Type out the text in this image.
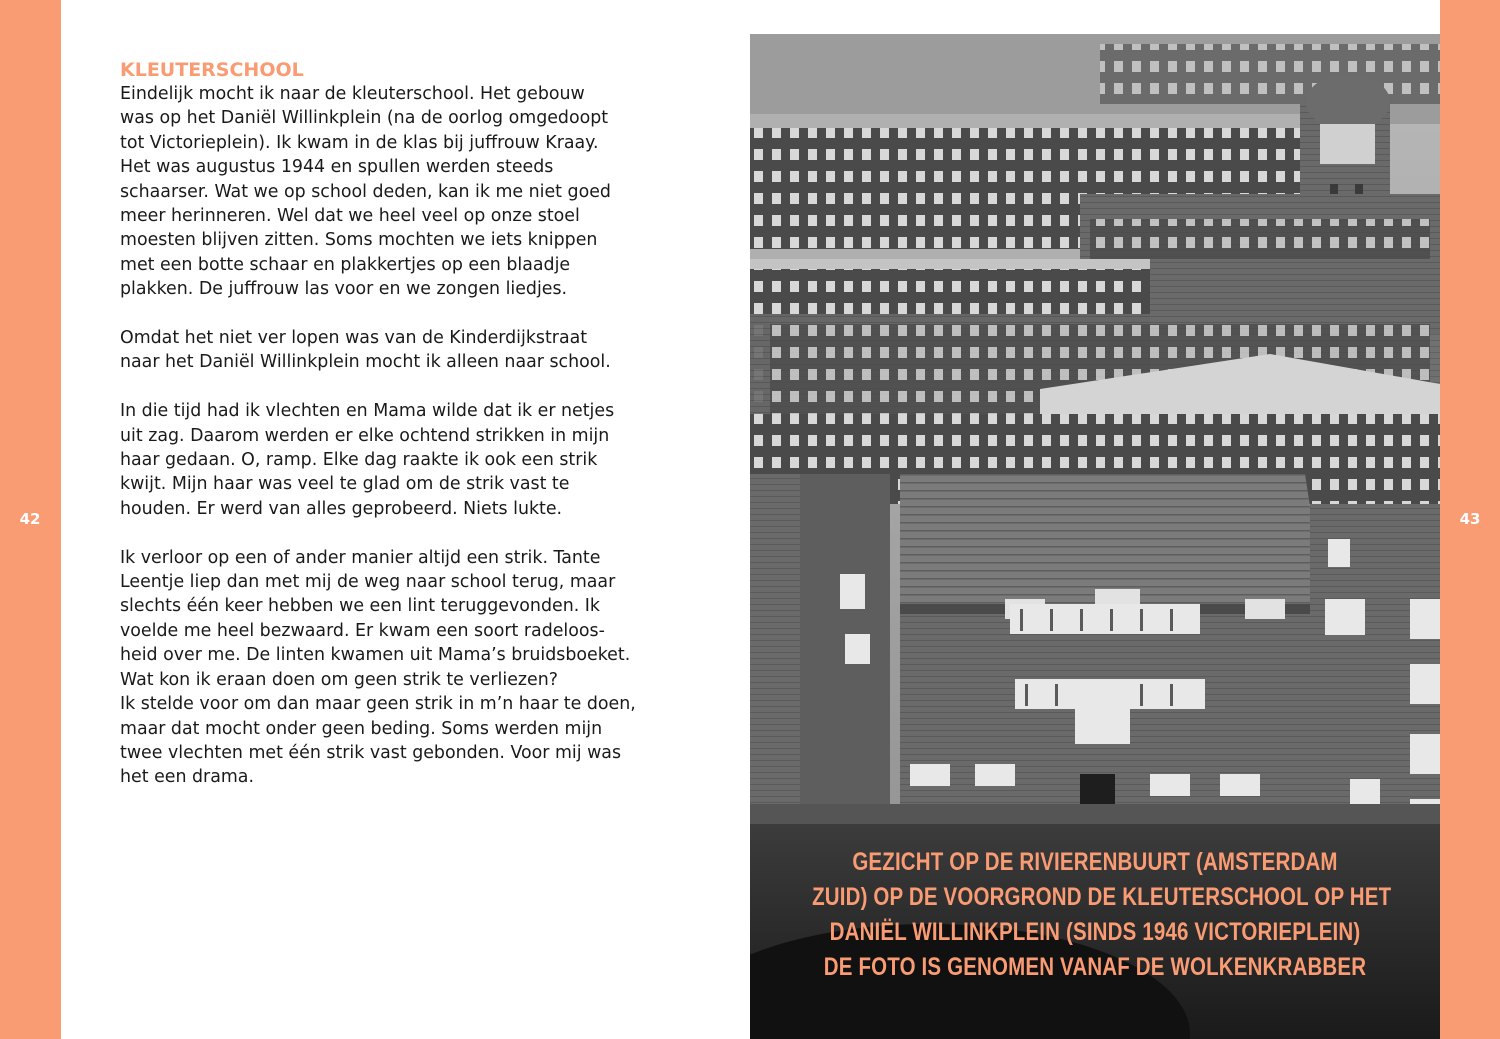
42	43
KLEUTERSCHOOL
Eindelijk mocht ik naar de kleuterschool. Het gebouw
was op het Daniël Willinkplein (na de oorlog omgedoopt
tot Victorieplein). Ik kwam in de klas bij juffrouw Kraay.
Het was augustus 1944 en spullen werden steeds
schaarser. Wat we op school deden, kan ik me niet goed
meer herinneren. Wel dat we heel veel op onze stoel
moesten blijven zitten. Soms mochten we iets knippen
met een botte schaar en plakkertjes op een blaadje
plakken. De juffrouw las voor en we zongen liedjes.
Omdat het niet ver lopen was van de Kinderdijkstraat
naar het Daniël Willinkplein mocht ik alleen naar school.
In die tijd had ik vlechten en Mama wilde dat ik er netjes
uit zag. Daarom werden er elke ochtend strikken in mijn
haar gedaan. O, ramp. Elke dag raakte ik ook een strik
kwijt. Mijn haar was veel te glad om de strik vast te
houden. Er werd van alles geprobeerd. Niets lukte.
Ik verloor op een of ander manier altijd een strik. Tante
Leentje liep dan met mij de weg naar school terug, maar
slechts één keer hebben we een lint teruggevonden. Ik
voelde me heel bezwaard. Er kwam een soort radeloos-
heid over me. De linten kwamen uit Mama’s bruidsboeket.
Wat kon ik eraan doen om geen strik te verliezen?
Ik stelde voor om dan maar geen strik in m’n haar te doen,
maar dat mocht onder geen beding. Soms werden mijn
twee vlechten met één strik vast gebonden. Voor mij was
het een drama.
GEZICHT OP DE RIVIERENBUURT (AMSTERDAM
ZUID) OP DE VOORGROND DE KLEUTERSCHOOL OP HET
DANIËL WILLINKPLEIN (SINDS 1946 VICTORIEPLEIN)
DE FOTO IS GENOMEN VANAF DE WOLKENKRABBER
